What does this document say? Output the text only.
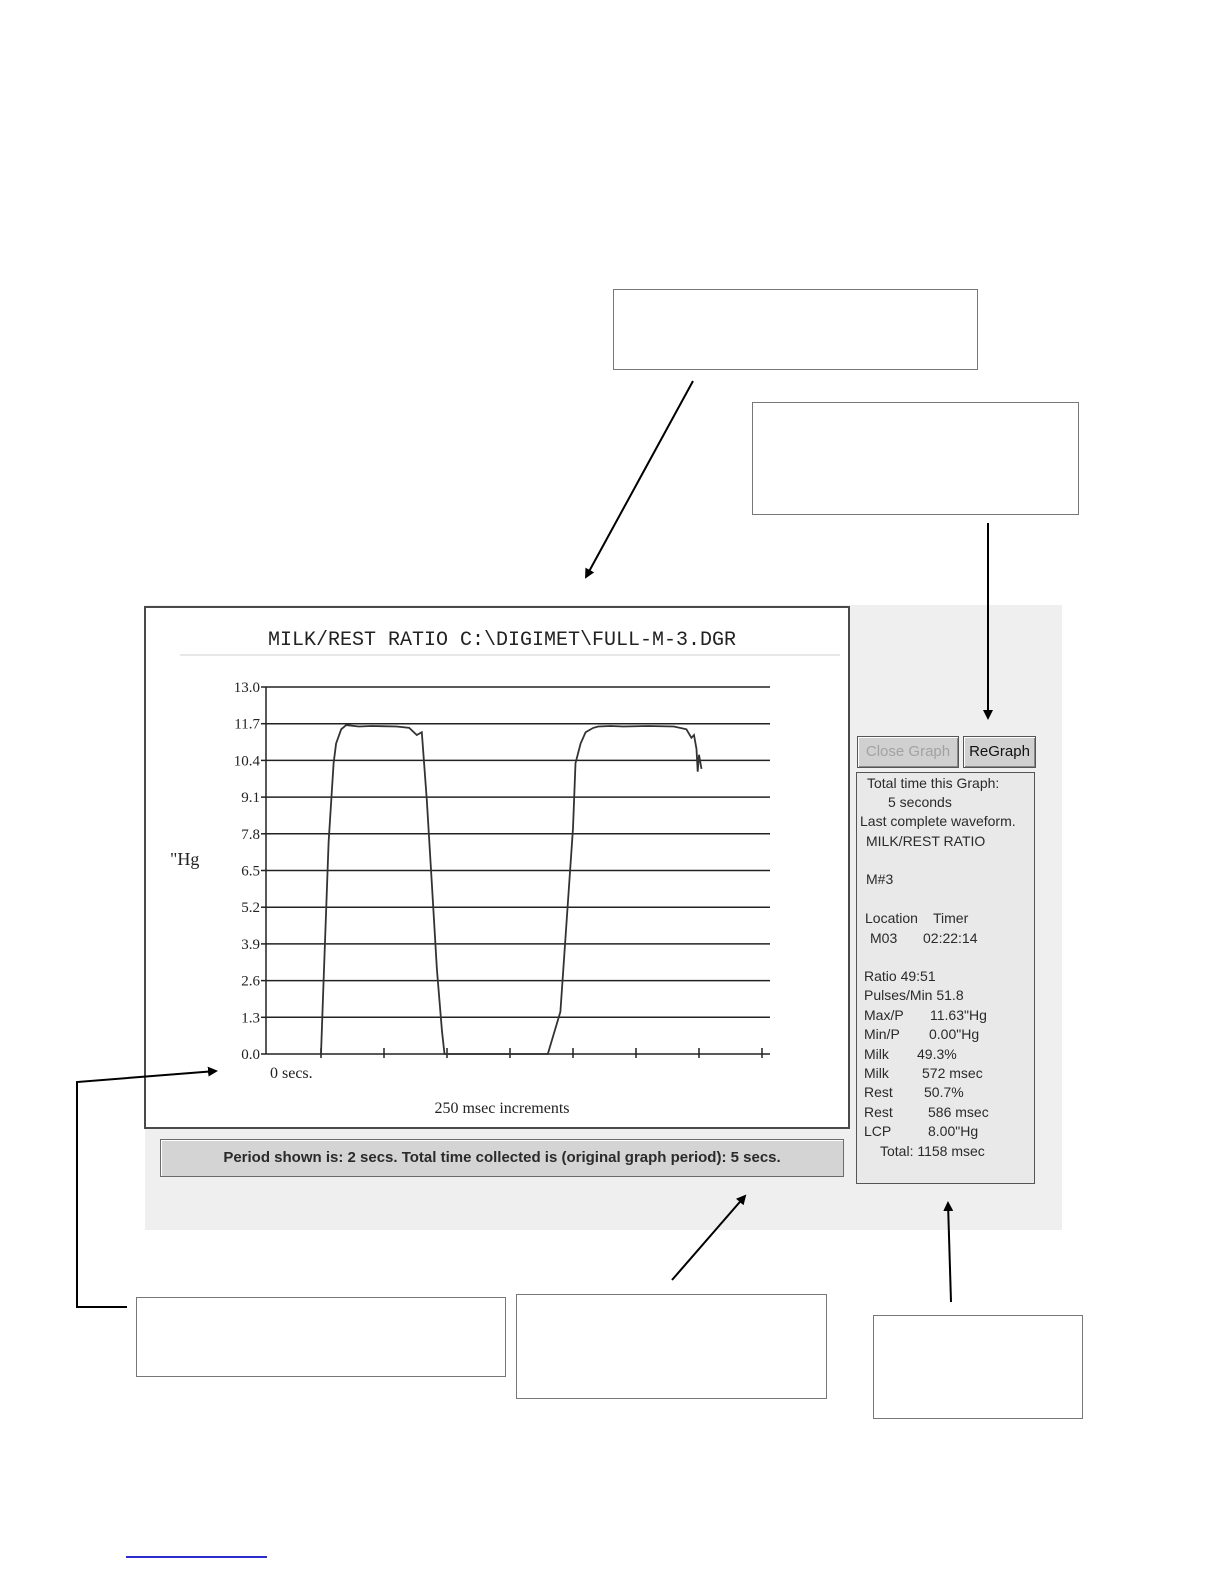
MILK/REST RATIO C:\DIGIMET\FULL-M-3.DGR
"Hg
0 secs.
250 msec increments
13.0
11.7
10.4
9.1
7.8
6.5
5.2
3.9
2.6
1.3
0.0
Period shown is: 2 secs. Total time collected is (original graph period): 5 secs.
Close Graph	ReGraph
Total time this Graph:
5 seconds
Last complete waveform.
MILK/REST RATIO
M#3
Location Timer
M03 02:22:14
Ratio 49:51
Pulses/Min 51.8
Max/P 11.63"Hg
Min/P 0.00"Hg
Milk 49.3%
Milk 572 msec
Rest 50.7%
Rest	586 msec
LCP	8.00"Hg
Total: 1158 msec
